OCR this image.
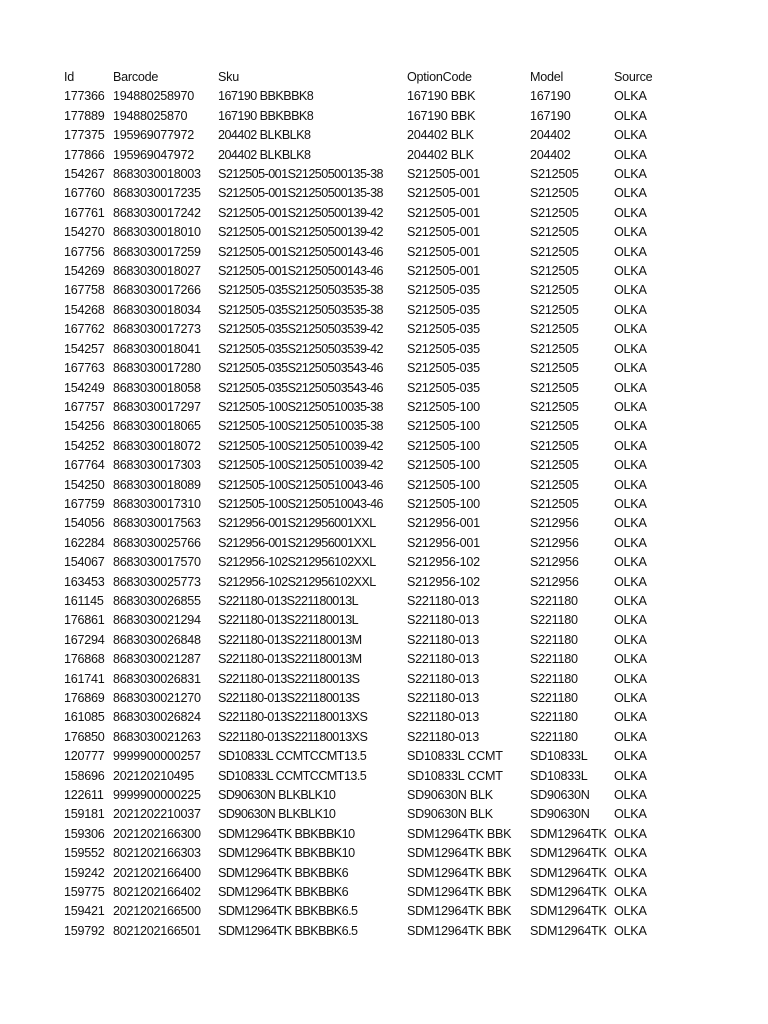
Id	Barcode	Sku	OptionCode	Model	Source
177366	194880258970	167190 BBKBBK8	167190 BBK	167190	OLKA
177889	19488025870	167190 BBKBBK8	167190 BBK	167190	OLKA
177375	195969077972	204402 BLKBLK8	204402 BLK	204402	OLKA
177866	195969047972	204402 BLKBLK8	204402 BLK	204402	OLKA
154267	8683030018003	S212505-001S21250500135-38	S212505-001	S212505	OLKA
167760	8683030017235	S212505-001S21250500135-38	S212505-001	S212505	OLKA
167761	8683030017242	S212505-001S21250500139-42	S212505-001	S212505	OLKA
154270	8683030018010	S212505-001S21250500139-42	S212505-001	S212505	OLKA
167756	8683030017259	S212505-001S21250500143-46	S212505-001	S212505	OLKA
154269	8683030018027	S212505-001S21250500143-46	S212505-001	S212505	OLKA
167758	8683030017266	S212505-035S21250503535-38	S212505-035	S212505	OLKA
154268	8683030018034	S212505-035S21250503535-38	S212505-035	S212505	OLKA
167762	8683030017273	S212505-035S21250503539-42	S212505-035	S212505	OLKA
154257	8683030018041	S212505-035S21250503539-42	S212505-035	S212505	OLKA
167763	8683030017280	S212505-035S21250503543-46	S212505-035	S212505	OLKA
154249	8683030018058	S212505-035S21250503543-46	S212505-035	S212505	OLKA
167757	8683030017297	S212505-100S21250510035-38	S212505-100	S212505	OLKA
154256	8683030018065	S212505-100S21250510035-38	S212505-100	S212505	OLKA
154252	8683030018072	S212505-100S21250510039-42	S212505-100	S212505	OLKA
167764	8683030017303	S212505-100S21250510039-42	S212505-100	S212505	OLKA
154250	8683030018089	S212505-100S21250510043-46	S212505-100	S212505	OLKA
167759	8683030017310	S212505-100S21250510043-46	S212505-100	S212505	OLKA
154056	8683030017563	S212956-001S212956001XXL	S212956-001	S212956	OLKA
162284	8683030025766	S212956-001S212956001XXL	S212956-001	S212956	OLKA
154067	8683030017570	S212956-102S212956102XXL	S212956-102	S212956	OLKA
163453	8683030025773	S212956-102S212956102XXL	S212956-102	S212956	OLKA
161145	8683030026855	S221180-013S221180013L	S221180-013	S221180	OLKA
176861	8683030021294	S221180-013S221180013L	S221180-013	S221180	OLKA
167294	8683030026848	S221180-013S221180013M	S221180-013	S221180	OLKA
176868	8683030021287	S221180-013S221180013M	S221180-013	S221180	OLKA
161741	8683030026831	S221180-013S221180013S	S221180-013	S221180	OLKA
176869	8683030021270	S221180-013S221180013S	S221180-013	S221180	OLKA
161085	8683030026824	S221180-013S221180013XS	S221180-013	S221180	OLKA
176850	8683030021263	S221180-013S221180013XS	S221180-013	S221180	OLKA
120777	9999900000257	SD10833L CCMTCCMT13.5	SD10833L CCMT	SD10833L	OLKA
158696	202120210495	SD10833L CCMTCCMT13.5	SD10833L CCMT	SD10833L	OLKA
122611	9999900000225	SD90630N BLKBLK10	SD90630N BLK	SD90630N	OLKA
159181	2021202210037	SD90630N BLKBLK10	SD90630N BLK	SD90630N	OLKA
159306	2021202166300	SDM12964TK BBKBBK10	SDM12964TK BBK	SDM12964TK	OLKA
159552	8021202166303	SDM12964TK BBKBBK10	SDM12964TK BBK	SDM12964TK	OLKA
159242	2021202166400	SDM12964TK BBKBBK6	SDM12964TK BBK	SDM12964TK	OLKA
159775	8021202166402	SDM12964TK BBKBBK6	SDM12964TK BBK	SDM12964TK	OLKA
159421	2021202166500	SDM12964TK BBKBBK6.5	SDM12964TK BBK	SDM12964TK	OLKA
159792	8021202166501	SDM12964TK BBKBBK6.5	SDM12964TK BBK	SDM12964TK	OLKA
